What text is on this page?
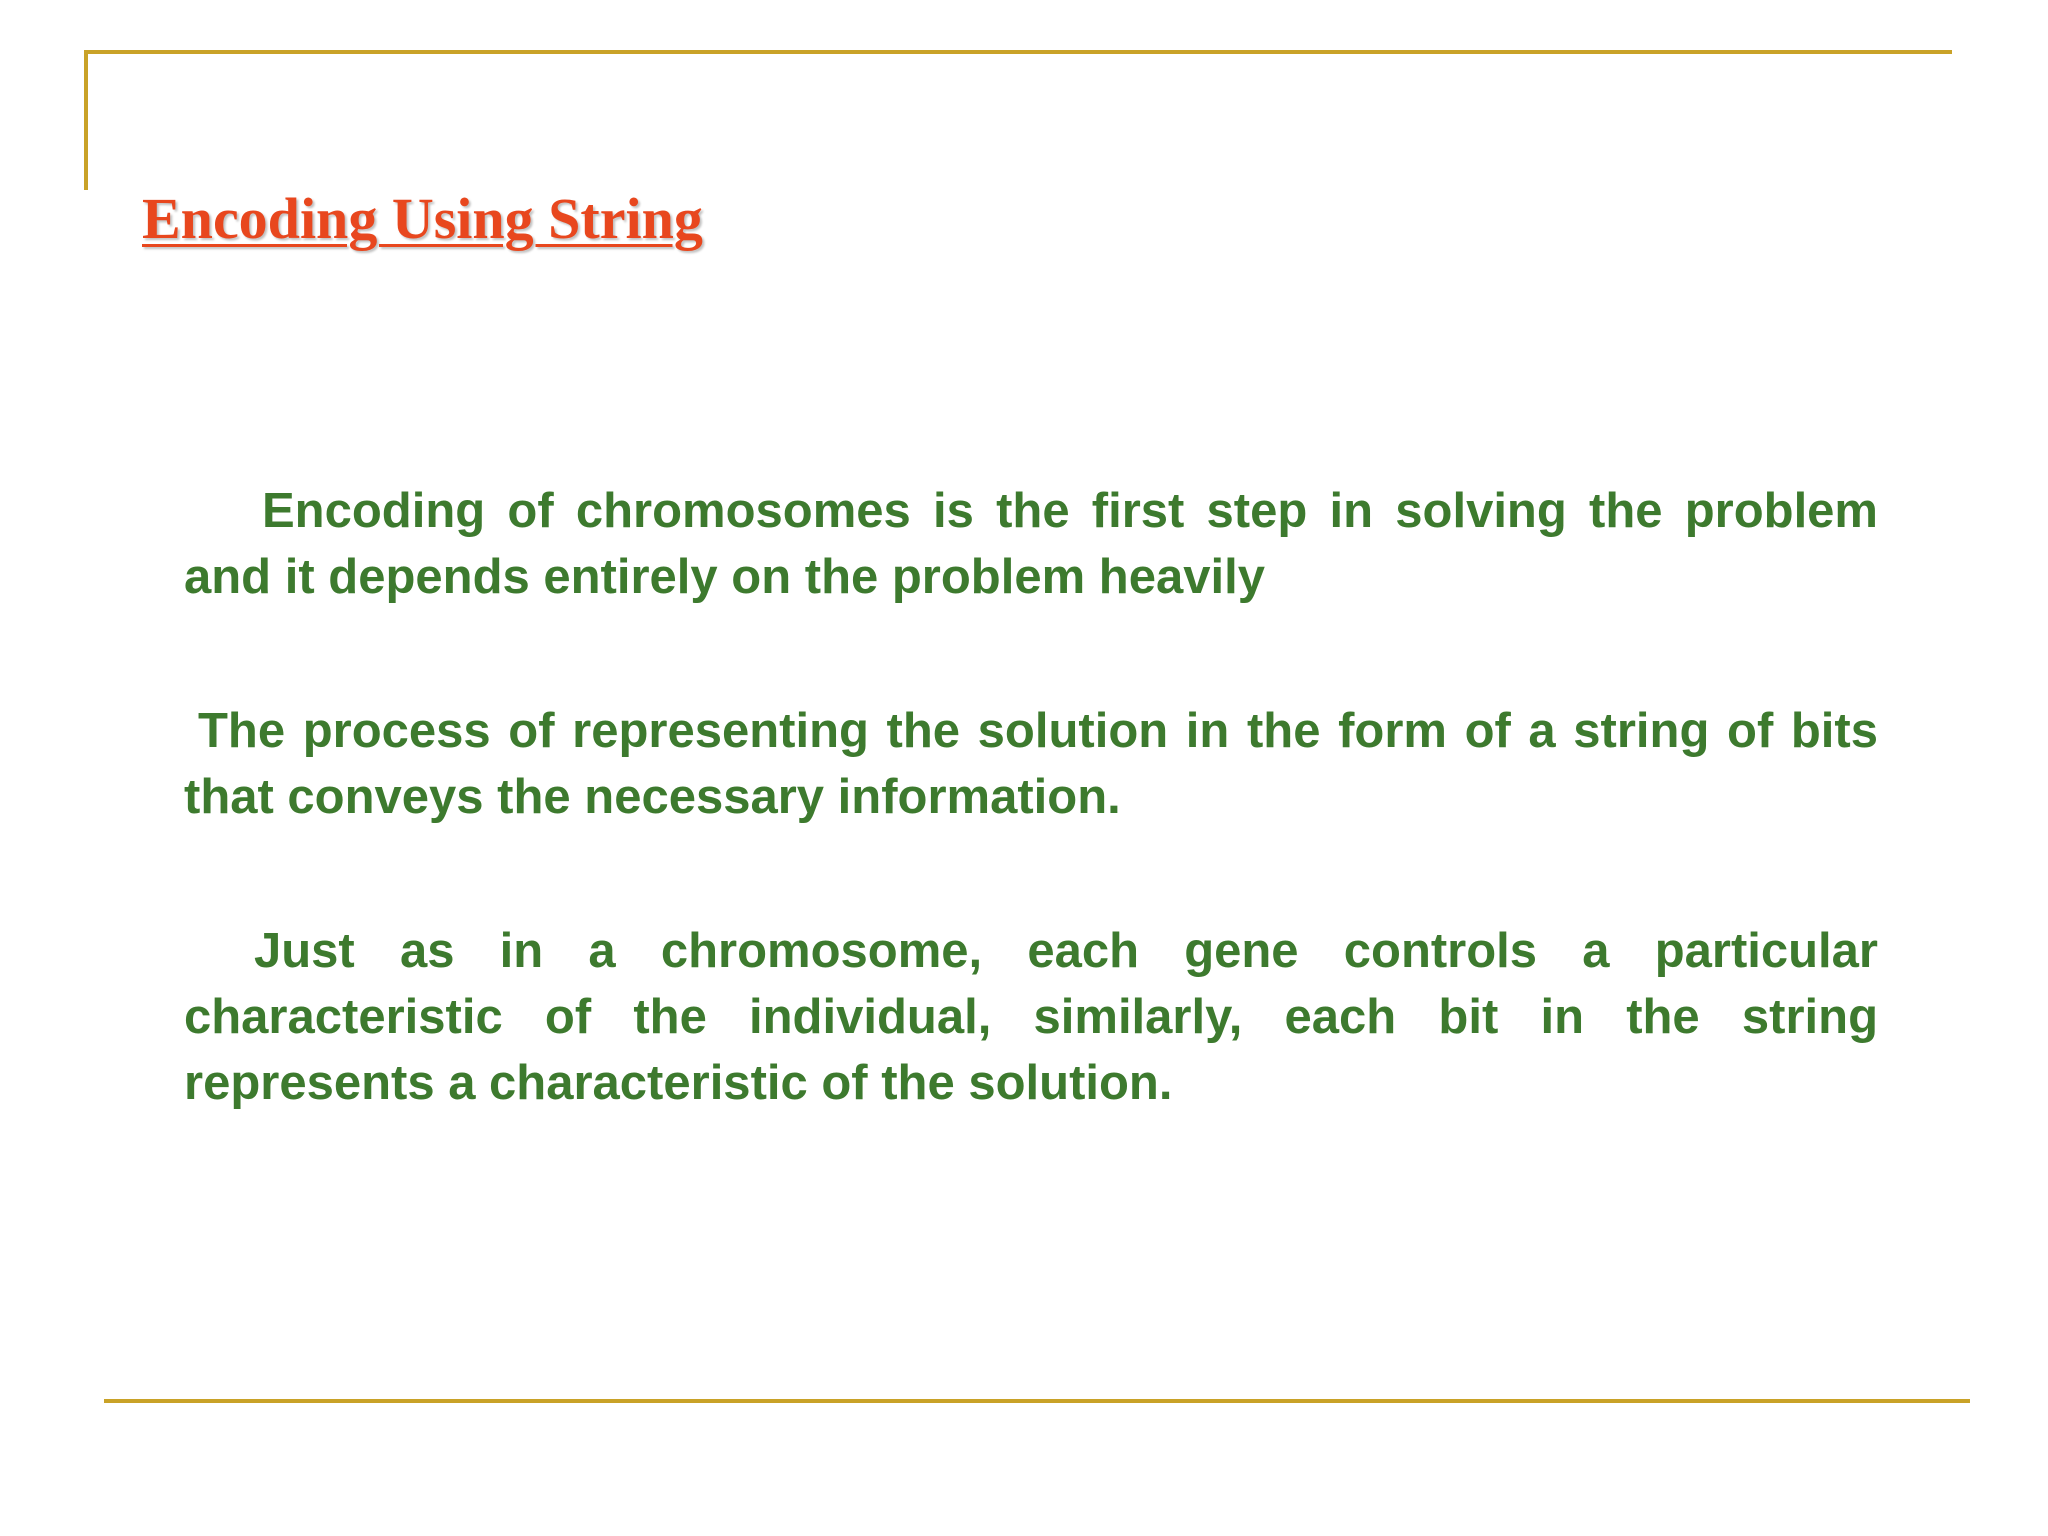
Encoding Using String

Encoding of chromosomes is the first step in solving the problem and it depends entirely on the problem heavily

The process of representing the solution in the form of a string of bits that conveys the necessary information.

Just as in a chromosome, each gene controls a particular characteristic of the individual, similarly, each bit in the string represents a characteristic of the solution.
